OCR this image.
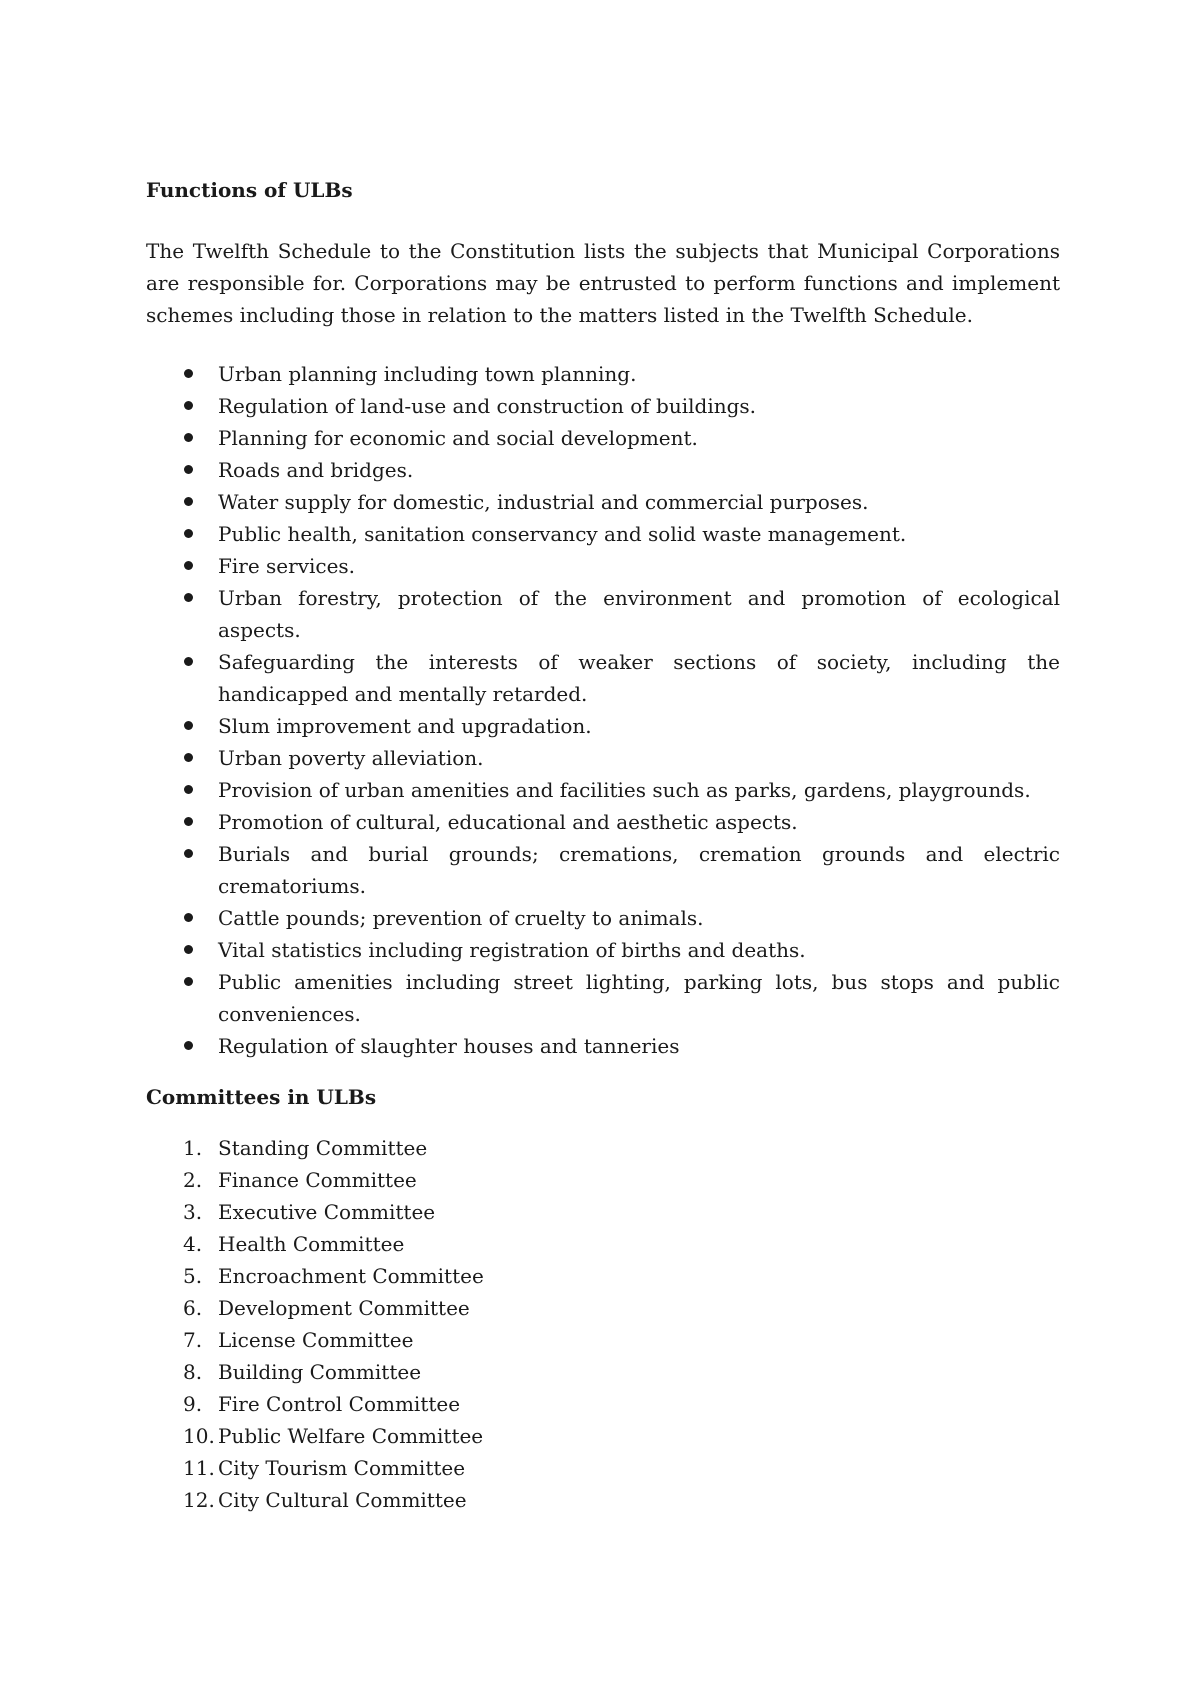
Functions of ULBs

The Twelfth Schedule to the Constitution lists the subjects that Municipal Corporations are responsible for. Corporations may be entrusted to perform functions and implement schemes including those in relation to the matters listed in the Twelfth Schedule.

Urban planning including town planning.
Regulation of land-use and construction of buildings.
Planning for economic and social development.
Roads and bridges.
Water supply for domestic, industrial and commercial purposes.
Public health, sanitation conservancy and solid waste management.
Fire services.
Urban forestry, protection of the environment and promotion of ecological aspects.
Safeguarding the interests of weaker sections of society, including the handicapped and mentally retarded.
Slum improvement and upgradation.
Urban poverty alleviation.
Provision of urban amenities and facilities such as parks, gardens, playgrounds.
Promotion of cultural, educational and aesthetic aspects.
Burials and burial grounds; cremations, cremation grounds and electric crematoriums.
Cattle pounds; prevention of cruelty to animals.
Vital statistics including registration of births and deaths.
Public amenities including street lighting, parking lots, bus stops and public conveniences.
Regulation of slaughter houses and tanneries
Committees in ULBs
1. Standing Committee
2. Finance Committee
3. Executive Committee
4. Health Committee
5. Encroachment Committee
6. Development Committee
7. License Committee
8. Building Committee
9. Fire Control Committee
10. Public Welfare Committee
11. City Tourism Committee
12. City Cultural Committee
